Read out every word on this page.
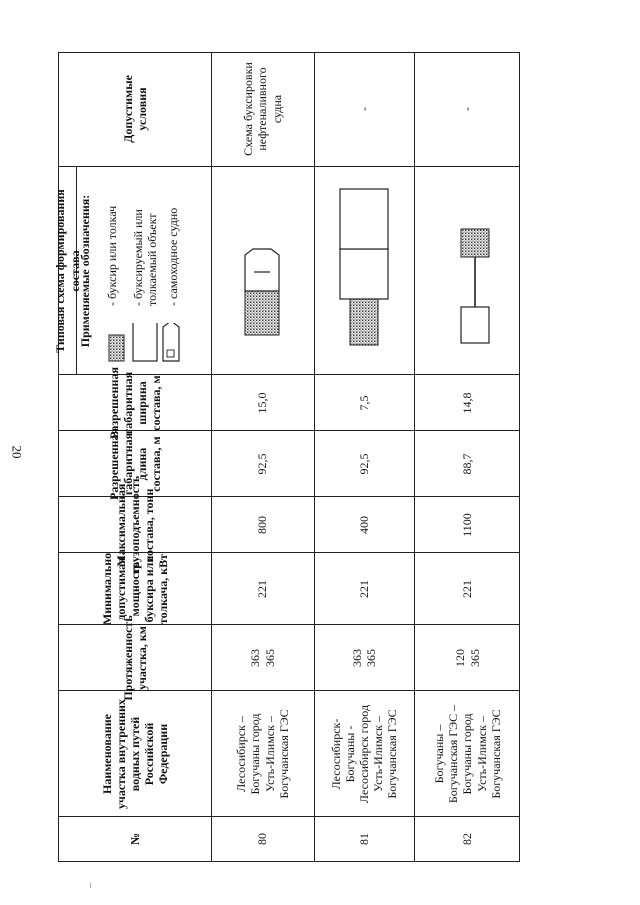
20
–
№
Наименование участка внутренних водных путей Российской Федерации
Протяженность участка, км
Минимально допустимая мощность буксира или толкача, кВт
Максимальная грузоподъемность состава, тонн
Разрешенная габаритная длина состава, м
Разрешенная габаритная ширина состава, м
Типовая схема формирования состава
Применяемые обозначения:	- буксир или толкач - буксируемый или толкаемый объект - самоходное судно
Допустимые условия
80
Лесосибирск –
Богучаны город
Усть-Илимск –
Богучанская ГЭС
363
365
221
800
92,5
15,0
Схема буксировки нефтеналивного судна
81
Лесосибирск-
Богучаны -
Лесосибирск город
Усть-Илимск –
Богучанская ГЭС
363
365
221
400
92,5
7,5
-
82
Богучаны –
Богучанская ГЭС –
Богучаны город
Усть-Илимск –
Богучанская ГЭС
120
365
221
1100
88,7
14,8
-
